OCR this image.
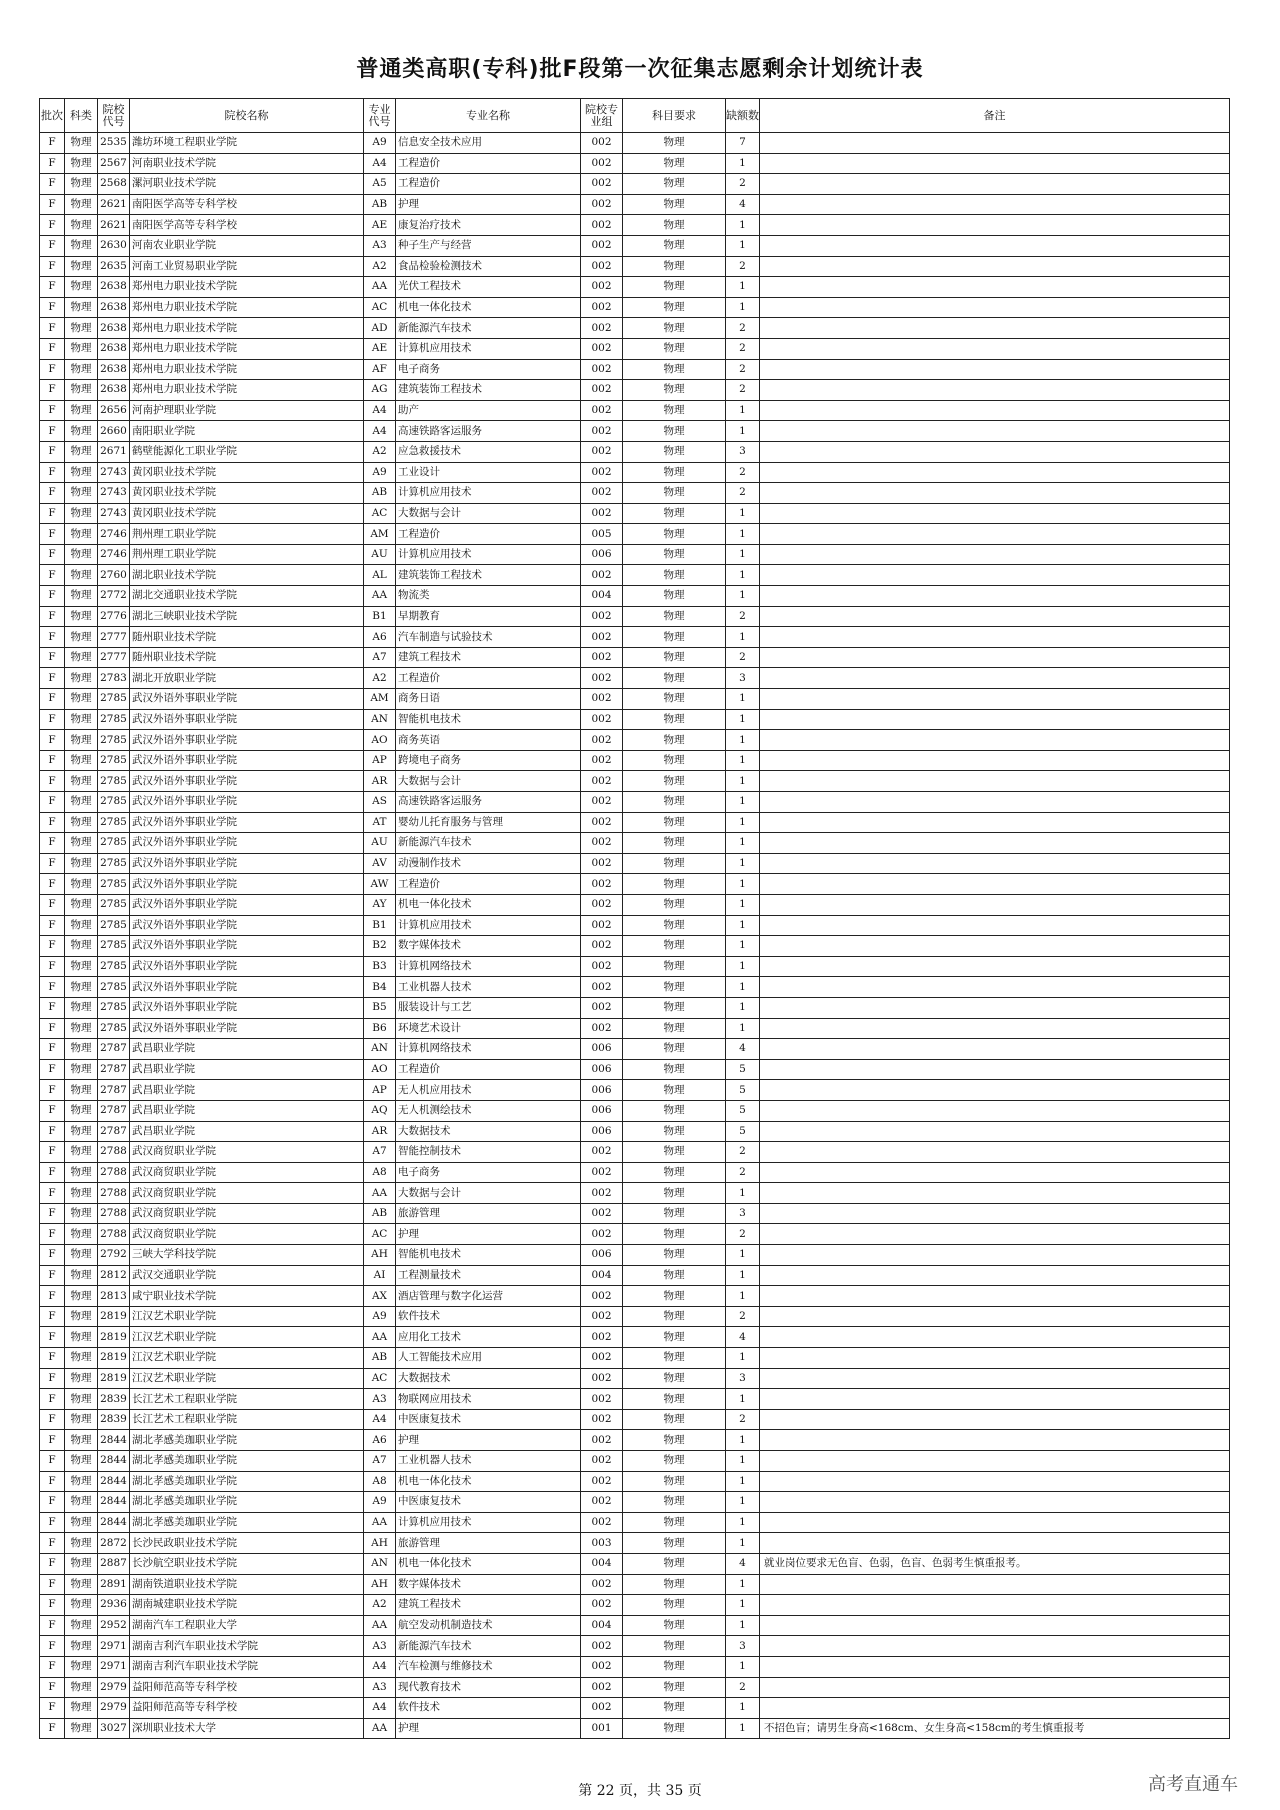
普通类高职(专科)批F段第一次征集志愿剩余计划统计表
批次	科类	院校代号	院校名称	专业代号	专业名称	院校专业组	科目要求	缺额数	备注
F	物理	2535	潍坊环境工程职业学院	A9	信息安全技术应用	002	物理	7	
F	物理	2567	河南职业技术学院	A4	工程造价	002	物理	1	
F	物理	2568	漯河职业技术学院	A5	工程造价	002	物理	2	
F	物理	2621	南阳医学高等专科学校	AB	护理	002	物理	4	
F	物理	2621	南阳医学高等专科学校	AE	康复治疗技术	002	物理	1	
F	物理	2630	河南农业职业学院	A3	种子生产与经营	002	物理	1	
F	物理	2635	河南工业贸易职业学院	A2	食品检验检测技术	002	物理	2	
F	物理	2638	郑州电力职业技术学院	AA	光伏工程技术	002	物理	1	
F	物理	2638	郑州电力职业技术学院	AC	机电一体化技术	002	物理	1	
F	物理	2638	郑州电力职业技术学院	AD	新能源汽车技术	002	物理	2	
F	物理	2638	郑州电力职业技术学院	AE	计算机应用技术	002	物理	2	
F	物理	2638	郑州电力职业技术学院	AF	电子商务	002	物理	2	
F	物理	2638	郑州电力职业技术学院	AG	建筑装饰工程技术	002	物理	2	
F	物理	2656	河南护理职业学院	A4	助产	002	物理	1	
F	物理	2660	南阳职业学院	A4	高速铁路客运服务	002	物理	1	
F	物理	2671	鹤壁能源化工职业学院	A2	应急救援技术	002	物理	3	
F	物理	2743	黄冈职业技术学院	A9	工业设计	002	物理	2	
F	物理	2743	黄冈职业技术学院	AB	计算机应用技术	002	物理	2	
F	物理	2743	黄冈职业技术学院	AC	大数据与会计	002	物理	1	
F	物理	2746	荆州理工职业学院	AM	工程造价	005	物理	1	
F	物理	2746	荆州理工职业学院	AU	计算机应用技术	006	物理	1	
F	物理	2760	湖北职业技术学院	AL	建筑装饰工程技术	002	物理	1	
F	物理	2772	湖北交通职业技术学院	AA	物流类	004	物理	1	
F	物理	2776	湖北三峡职业技术学院	B1	早期教育	002	物理	2	
F	物理	2777	随州职业技术学院	A6	汽车制造与试验技术	002	物理	1	
F	物理	2777	随州职业技术学院	A7	建筑工程技术	002	物理	2	
F	物理	2783	湖北开放职业学院	A2	工程造价	002	物理	3	
F	物理	2785	武汉外语外事职业学院	AM	商务日语	002	物理	1	
F	物理	2785	武汉外语外事职业学院	AN	智能机电技术	002	物理	1	
F	物理	2785	武汉外语外事职业学院	AO	商务英语	002	物理	1	
F	物理	2785	武汉外语外事职业学院	AP	跨境电子商务	002	物理	1	
F	物理	2785	武汉外语外事职业学院	AR	大数据与会计	002	物理	1	
F	物理	2785	武汉外语外事职业学院	AS	高速铁路客运服务	002	物理	1	
F	物理	2785	武汉外语外事职业学院	AT	婴幼儿托育服务与管理	002	物理	1	
F	物理	2785	武汉外语外事职业学院	AU	新能源汽车技术	002	物理	1	
F	物理	2785	武汉外语外事职业学院	AV	动漫制作技术	002	物理	1	
F	物理	2785	武汉外语外事职业学院	AW	工程造价	002	物理	1	
F	物理	2785	武汉外语外事职业学院	AY	机电一体化技术	002	物理	1	
F	物理	2785	武汉外语外事职业学院	B1	计算机应用技术	002	物理	1	
F	物理	2785	武汉外语外事职业学院	B2	数字媒体技术	002	物理	1	
F	物理	2785	武汉外语外事职业学院	B3	计算机网络技术	002	物理	1	
F	物理	2785	武汉外语外事职业学院	B4	工业机器人技术	002	物理	1	
F	物理	2785	武汉外语外事职业学院	B5	服装设计与工艺	002	物理	1	
F	物理	2785	武汉外语外事职业学院	B6	环境艺术设计	002	物理	1	
F	物理	2787	武昌职业学院	AN	计算机网络技术	006	物理	4	
F	物理	2787	武昌职业学院	AO	工程造价	006	物理	5	
F	物理	2787	武昌职业学院	AP	无人机应用技术	006	物理	5	
F	物理	2787	武昌职业学院	AQ	无人机测绘技术	006	物理	5	
F	物理	2787	武昌职业学院	AR	大数据技术	006	物理	5	
F	物理	2788	武汉商贸职业学院	A7	智能控制技术	002	物理	2	
F	物理	2788	武汉商贸职业学院	A8	电子商务	002	物理	2	
F	物理	2788	武汉商贸职业学院	AA	大数据与会计	002	物理	1	
F	物理	2788	武汉商贸职业学院	AB	旅游管理	002	物理	3	
F	物理	2788	武汉商贸职业学院	AC	护理	002	物理	2	
F	物理	2792	三峡大学科技学院	AH	智能机电技术	006	物理	1	
F	物理	2812	武汉交通职业学院	AI	工程测量技术	004	物理	1	
F	物理	2813	咸宁职业技术学院	AX	酒店管理与数字化运营	002	物理	1	
F	物理	2819	江汉艺术职业学院	A9	软件技术	002	物理	2	
F	物理	2819	江汉艺术职业学院	AA	应用化工技术	002	物理	4	
F	物理	2819	江汉艺术职业学院	AB	人工智能技术应用	002	物理	1	
F	物理	2819	江汉艺术职业学院	AC	大数据技术	002	物理	3	
F	物理	2839	长江艺术工程职业学院	A3	物联网应用技术	002	物理	1	
F	物理	2839	长江艺术工程职业学院	A4	中医康复技术	002	物理	2	
F	物理	2844	湖北孝感美珈职业学院	A6	护理	002	物理	1	
F	物理	2844	湖北孝感美珈职业学院	A7	工业机器人技术	002	物理	1	
F	物理	2844	湖北孝感美珈职业学院	A8	机电一体化技术	002	物理	1	
F	物理	2844	湖北孝感美珈职业学院	A9	中医康复技术	002	物理	1	
F	物理	2844	湖北孝感美珈职业学院	AA	计算机应用技术	002	物理	1	
F	物理	2872	长沙民政职业技术学院	AH	旅游管理	003	物理	1	
F	物理	2887	长沙航空职业技术学院	AN	机电一体化技术	004	物理	4	就业岗位要求无色盲、色弱，色盲、色弱考生慎重报考。
F	物理	2891	湖南铁道职业技术学院	AH	数字媒体技术	002	物理	1	
F	物理	2936	湖南城建职业技术学院	A2	建筑工程技术	002	物理	1	
F	物理	2952	湖南汽车工程职业大学	AA	航空发动机制造技术	004	物理	1	
F	物理	2971	湖南吉利汽车职业技术学院	A3	新能源汽车技术	002	物理	3	
F	物理	2971	湖南吉利汽车职业技术学院	A4	汽车检测与维修技术	002	物理	1	
F	物理	2979	益阳师范高等专科学校	A3	现代教育技术	002	物理	2	
F	物理	2979	益阳师范高等专科学校	A4	软件技术	002	物理	1	
F	物理	3027	深圳职业技术大学	AA	护理	001	物理	1	不招色盲；请男生身高<168cm、女生身高<158cm的考生慎重报考
第 22 页，共 35 页	高考直通车
